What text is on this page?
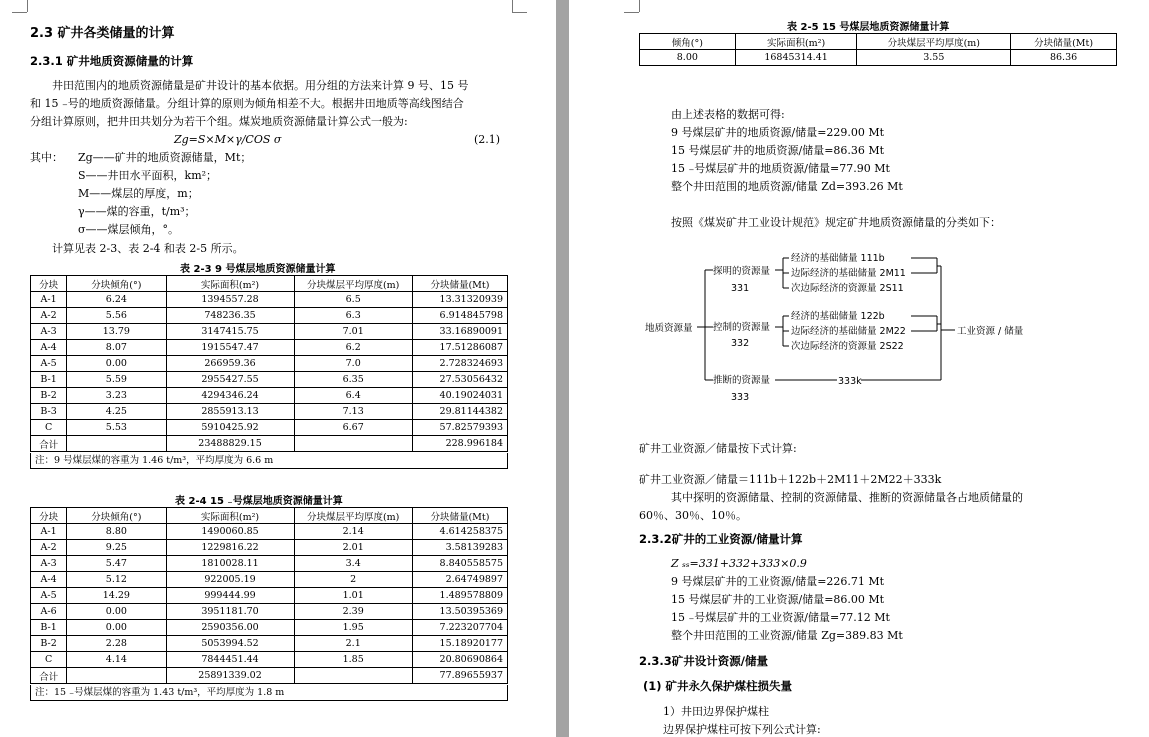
2.3 矿井各类储量的计算
2.3.1 矿井地质资源储量的计算
井田范围内的地质资源储量是矿井设计的基本依据。用分组的方法来计算 9 号、15 号
和 15 ₋号的地质资源储量。分组计算的原则为倾角相差不大。根据井田地质等高线图结合
分组计算原则，把井田共划分为若干个组。煤炭地质资源储量计算公式一般为:
Zg=S×M×γ/COS σ	(2.1)
其中： Zg——矿井的地质资源储量，Mt；
S——井田水平面积，km²；
M——煤层的厚度，m；
γ——煤的容重，t/m³；
σ——煤层倾角，°。
计算见表 2-3、表 2-4 和表 2-5 所示。
表 2-3 9 号煤层地质资源储量计算
分块	分块倾角(°)	实际面积(m²)	分块煤层平均厚度(m)	分块储量(Mt)
A-1	6.24	1394557.28	6.5	13.31320939
A-2	5.56	748236.35	6.3	6.914845798
A-3	13.79	3147415.75	7.01	33.16890091
A-4	8.07	1915547.47	6.2	17.51286087
A-5	0.00	266959.36	7.0	2.728324693
B-1	5.59	2955427.55	6.35	27.53056432
B-2	3.23	4294346.24	6.4	40.19024031
B-3	4.25	2855913.13	7.13	29.81144382
C	5.53	5910425.92	6.67	57.82579393
合计		23488829.15		228.996184
注：9 号煤层煤的容重为 1.46 t/m³，平均厚度为 6.6 m
表 2-4 15 ₋号煤层地质资源储量计算
分块	分块倾角(°)	实际面积(m²)	分块煤层平均厚度(m)	分块储量(Mt)
A-1	8.80	1490060.85	2.14	4.614258375
A-2	9.25	1229816.22	2.01	3.58139283
A-3	5.47	1810028.11	3.4	8.840558575
A-4	5.12	922005.19	2	2.64749897
A-5	14.29	999444.99	1.01	1.489578809
A-6	0.00	3951181.70	2.39	13.50395369
B-1	0.00	2590356.00	1.95	7.223207704
B-2	2.28	5053994.52	2.1	15.18920177
C	4.14	7844451.44	1.85	20.80690864
合计		25891339.02		77.89655937
注：15 ₋号煤层煤的容重为 1.43 t/m³，平均厚度为 1.8 m
表 2-5 15 号煤层地质资源储量计算
倾角(°)	实际面积(m²)	分块煤层平均厚度(m)	分块储量(Mt)
8.00	16845314.41	3.55	86.36
由上述表格的数据可得:
9 号煤层矿井的地质资源/储量=229.00 Mt
15 号煤层矿井的地质资源/储量=86.36 Mt
15 ₋号煤层矿井的地质资源/储量=77.90 Mt
整个井田范围的地质资源/储量 Zd=393.26 Mt
按照《煤炭矿井工业设计规范》规定矿井地质资源储量的分类如下：
地质资源量
探明的资源量
331
控制的资源量
332
推断的资源量
333
经济的基础储量 111b
边际经济的基础储量 2M11
次边际经济的资源量 2S11
经济的基础储量 122b
边际经济的基础储量 2M22
次边际经济的资源量 2S22
333k
工业资源 / 储量
矿井工业资源／储量按下式计算:
矿井工业资源／储量＝111b＋122b＋2M11＋2M22＋333k
其中探明的资源储量、控制的资源储量、推断的资源储量各占地质储量的
60％、30％、10％。
2.3.2矿井的工业资源/储量计算
Z ₛₛ=331+332+333×0.9
9 号煤层矿井的工业资源/储量=226.71 Mt
15 号煤层矿井的工业资源/储量=86.00 Mt
15 ₋号煤层矿井的工业资源/储量=77.12 Mt
整个井田范围的工业资源/储量 Zg=389.83 Mt
2.3.3矿井设计资源/储量
(1) 矿井永久保护煤柱损失量
1）井田边界保护煤柱
边界保护煤柱可按下列公式计算:
